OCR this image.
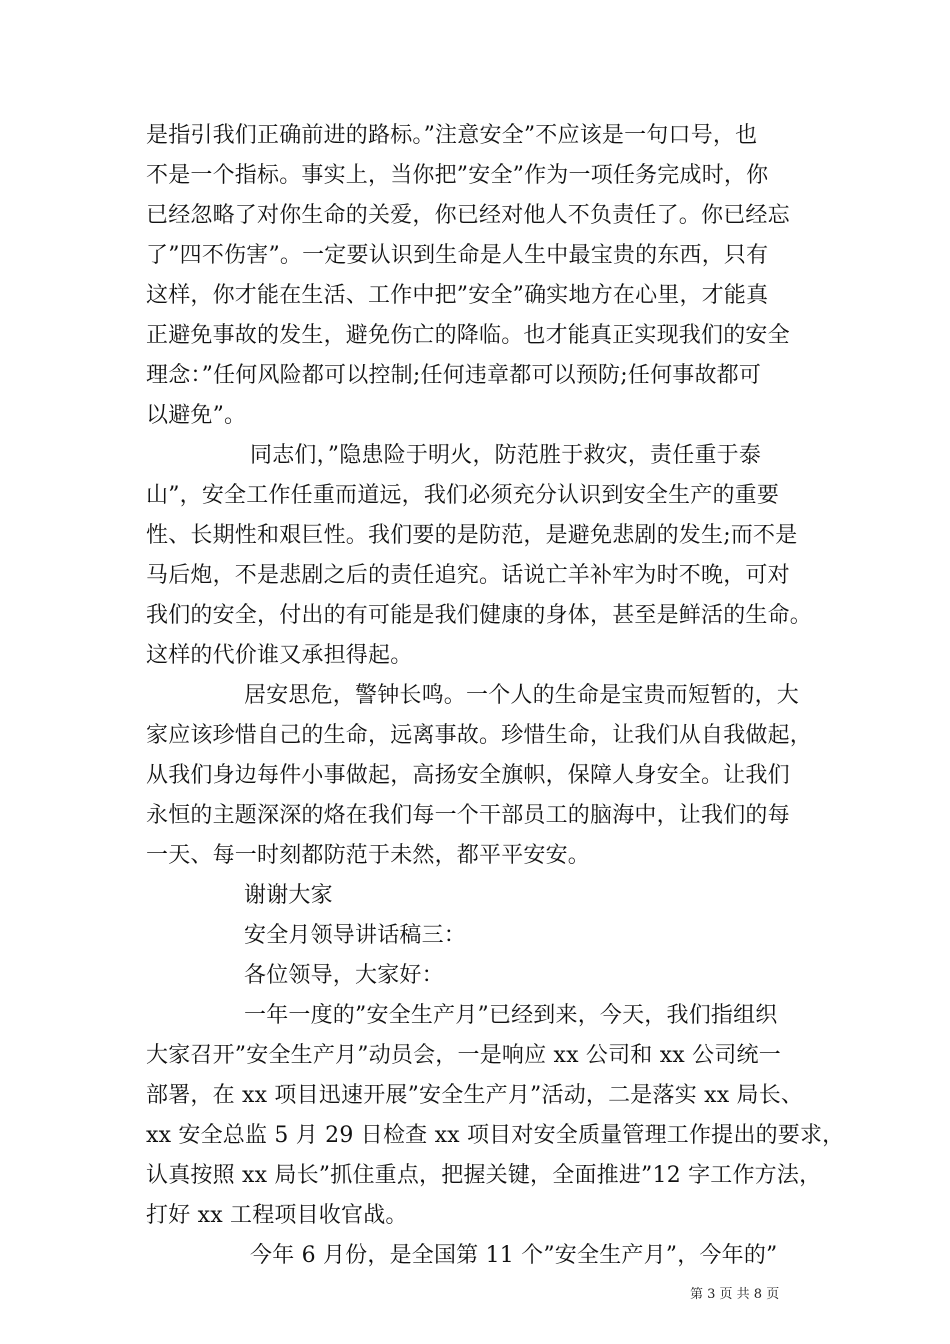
是指引我们正确前进的路标。”注意安全”不应该是一句口号，也
不是一个指标。事实上，当你把”安全”作为一项任务完成时，你
已经忽略了对你生命的关爱，你已经对他人不负责任了。你已经忘
了”四不伤害”。一定要认识到生命是人生中最宝贵的东西，只有
这样，你才能在生活、工作中把”安全”确实地方在心里，才能真
正避免事故的发生，避免伤亡的降临。也才能真正实现我们的安全
理念：”任何风险都可以控制;任何违章都可以预防;任何事故都可
以避免”。
同志们，”隐患险于明火，防范胜于救灾，责任重于泰
山”，安全工作任重而道远，我们必须充分认识到安全生产的重要
性、长期性和艰巨性。我们要的是防范，是避免悲剧的发生;而不是
马后炮，不是悲剧之后的责任追究。话说亡羊补牢为时不晚，可对
我们的安全，付出的有可能是我们健康的身体，甚至是鲜活的生命。
这样的代价谁又承担得起。
居安思危，警钟长鸣。一个人的生命是宝贵而短暂的，大
家应该珍惜自己的生命，远离事故。珍惜生命，让我们从自我做起，
从我们身边每件小事做起，高扬安全旗帜，保障人身安全。让我们
永恒的主题深深的烙在我们每一个干部员工的脑海中，让我们的每
一天、每一时刻都防范于未然，都平平安安。
谢谢大家
安全月领导讲话稿三：
各位领导，大家好：
一年一度的”安全生产月”已经到来，今天，我们指组织
大家召开”安全生产月”动员会，一是响应 xx 公司和 xx 公司统一
部署，在 xx 项目迅速开展”安全生产月”活动，二是落实 xx 局长、
xx 安全总监 5 月 29 日检查 xx 项目对安全质量管理工作提出的要求，
认真按照 xx 局长”抓住重点，把握关键，全面推进”12 字工作方法，
打好 xx 工程项目收官战。
今年 6 月份，是全国第 11 个”安全生产月”，今年的”
第 3 页 共 8 页
